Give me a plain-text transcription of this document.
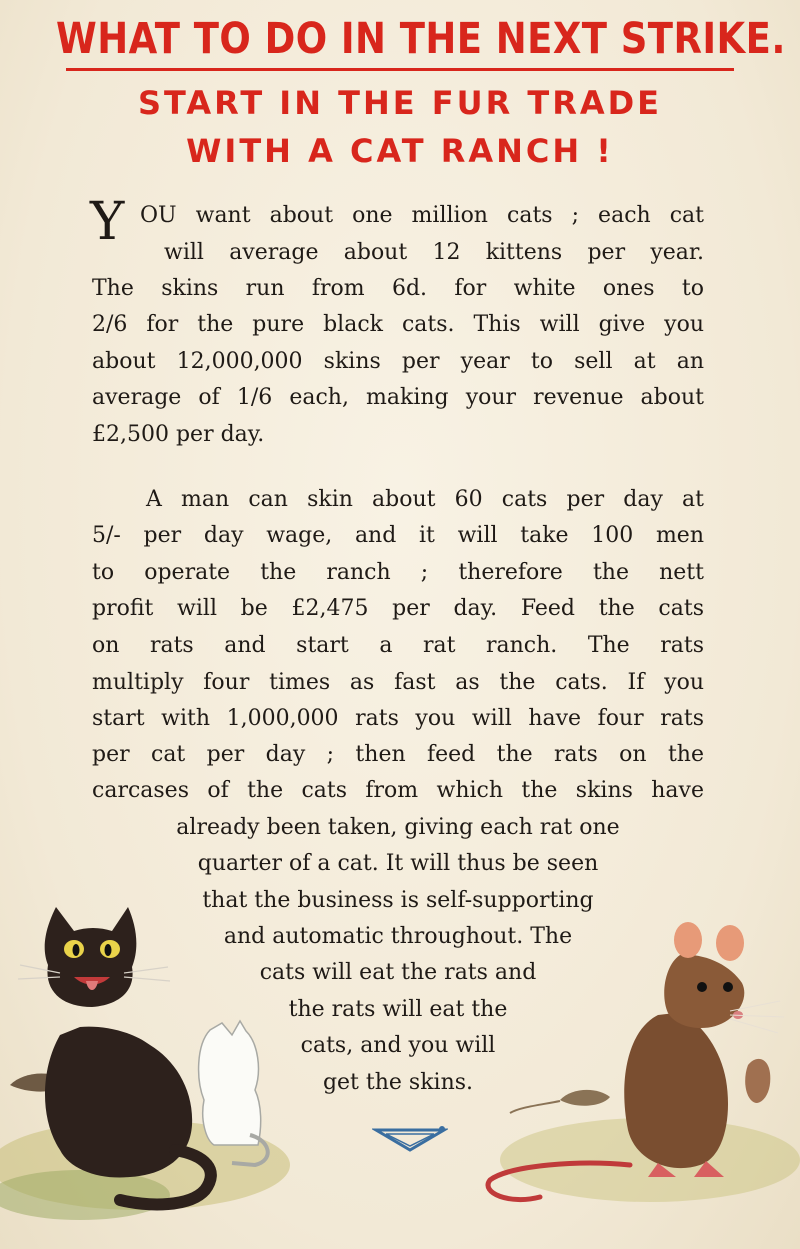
WHAT TO DO IN THE NEXT STRIKE.
START IN THE FUR TRADE
WITH A CAT RANCH !
Y OU want about one million cats ; each cat
will average about 12 kittens per year.
The skins run from 6d. for white ones to
2/6 for the pure black cats. This will give you
about 12,000,000 skins per year to sell at an
average of 1/6 each, making your revenue about
£2,500 per day.
A man can skin about 60 cats per day at
5/- per day wage, and it will take 100 men
to operate the ranch ; therefore the nett
profit will be £2,475 per day. Feed the cats
on rats and start a rat ranch. The rats
multiply four times as fast as the cats. If you
start with 1,000,000 rats you will have four rats
per cat per day ; then feed the rats on the
carcases of the cats from which the skins have
already been taken, giving each rat one
quarter of a cat. It will thus be seen
that the business is self-supporting
and automatic throughout. The
cats will eat the rats and
the rats will eat the
cats, and you will
get the skins.
